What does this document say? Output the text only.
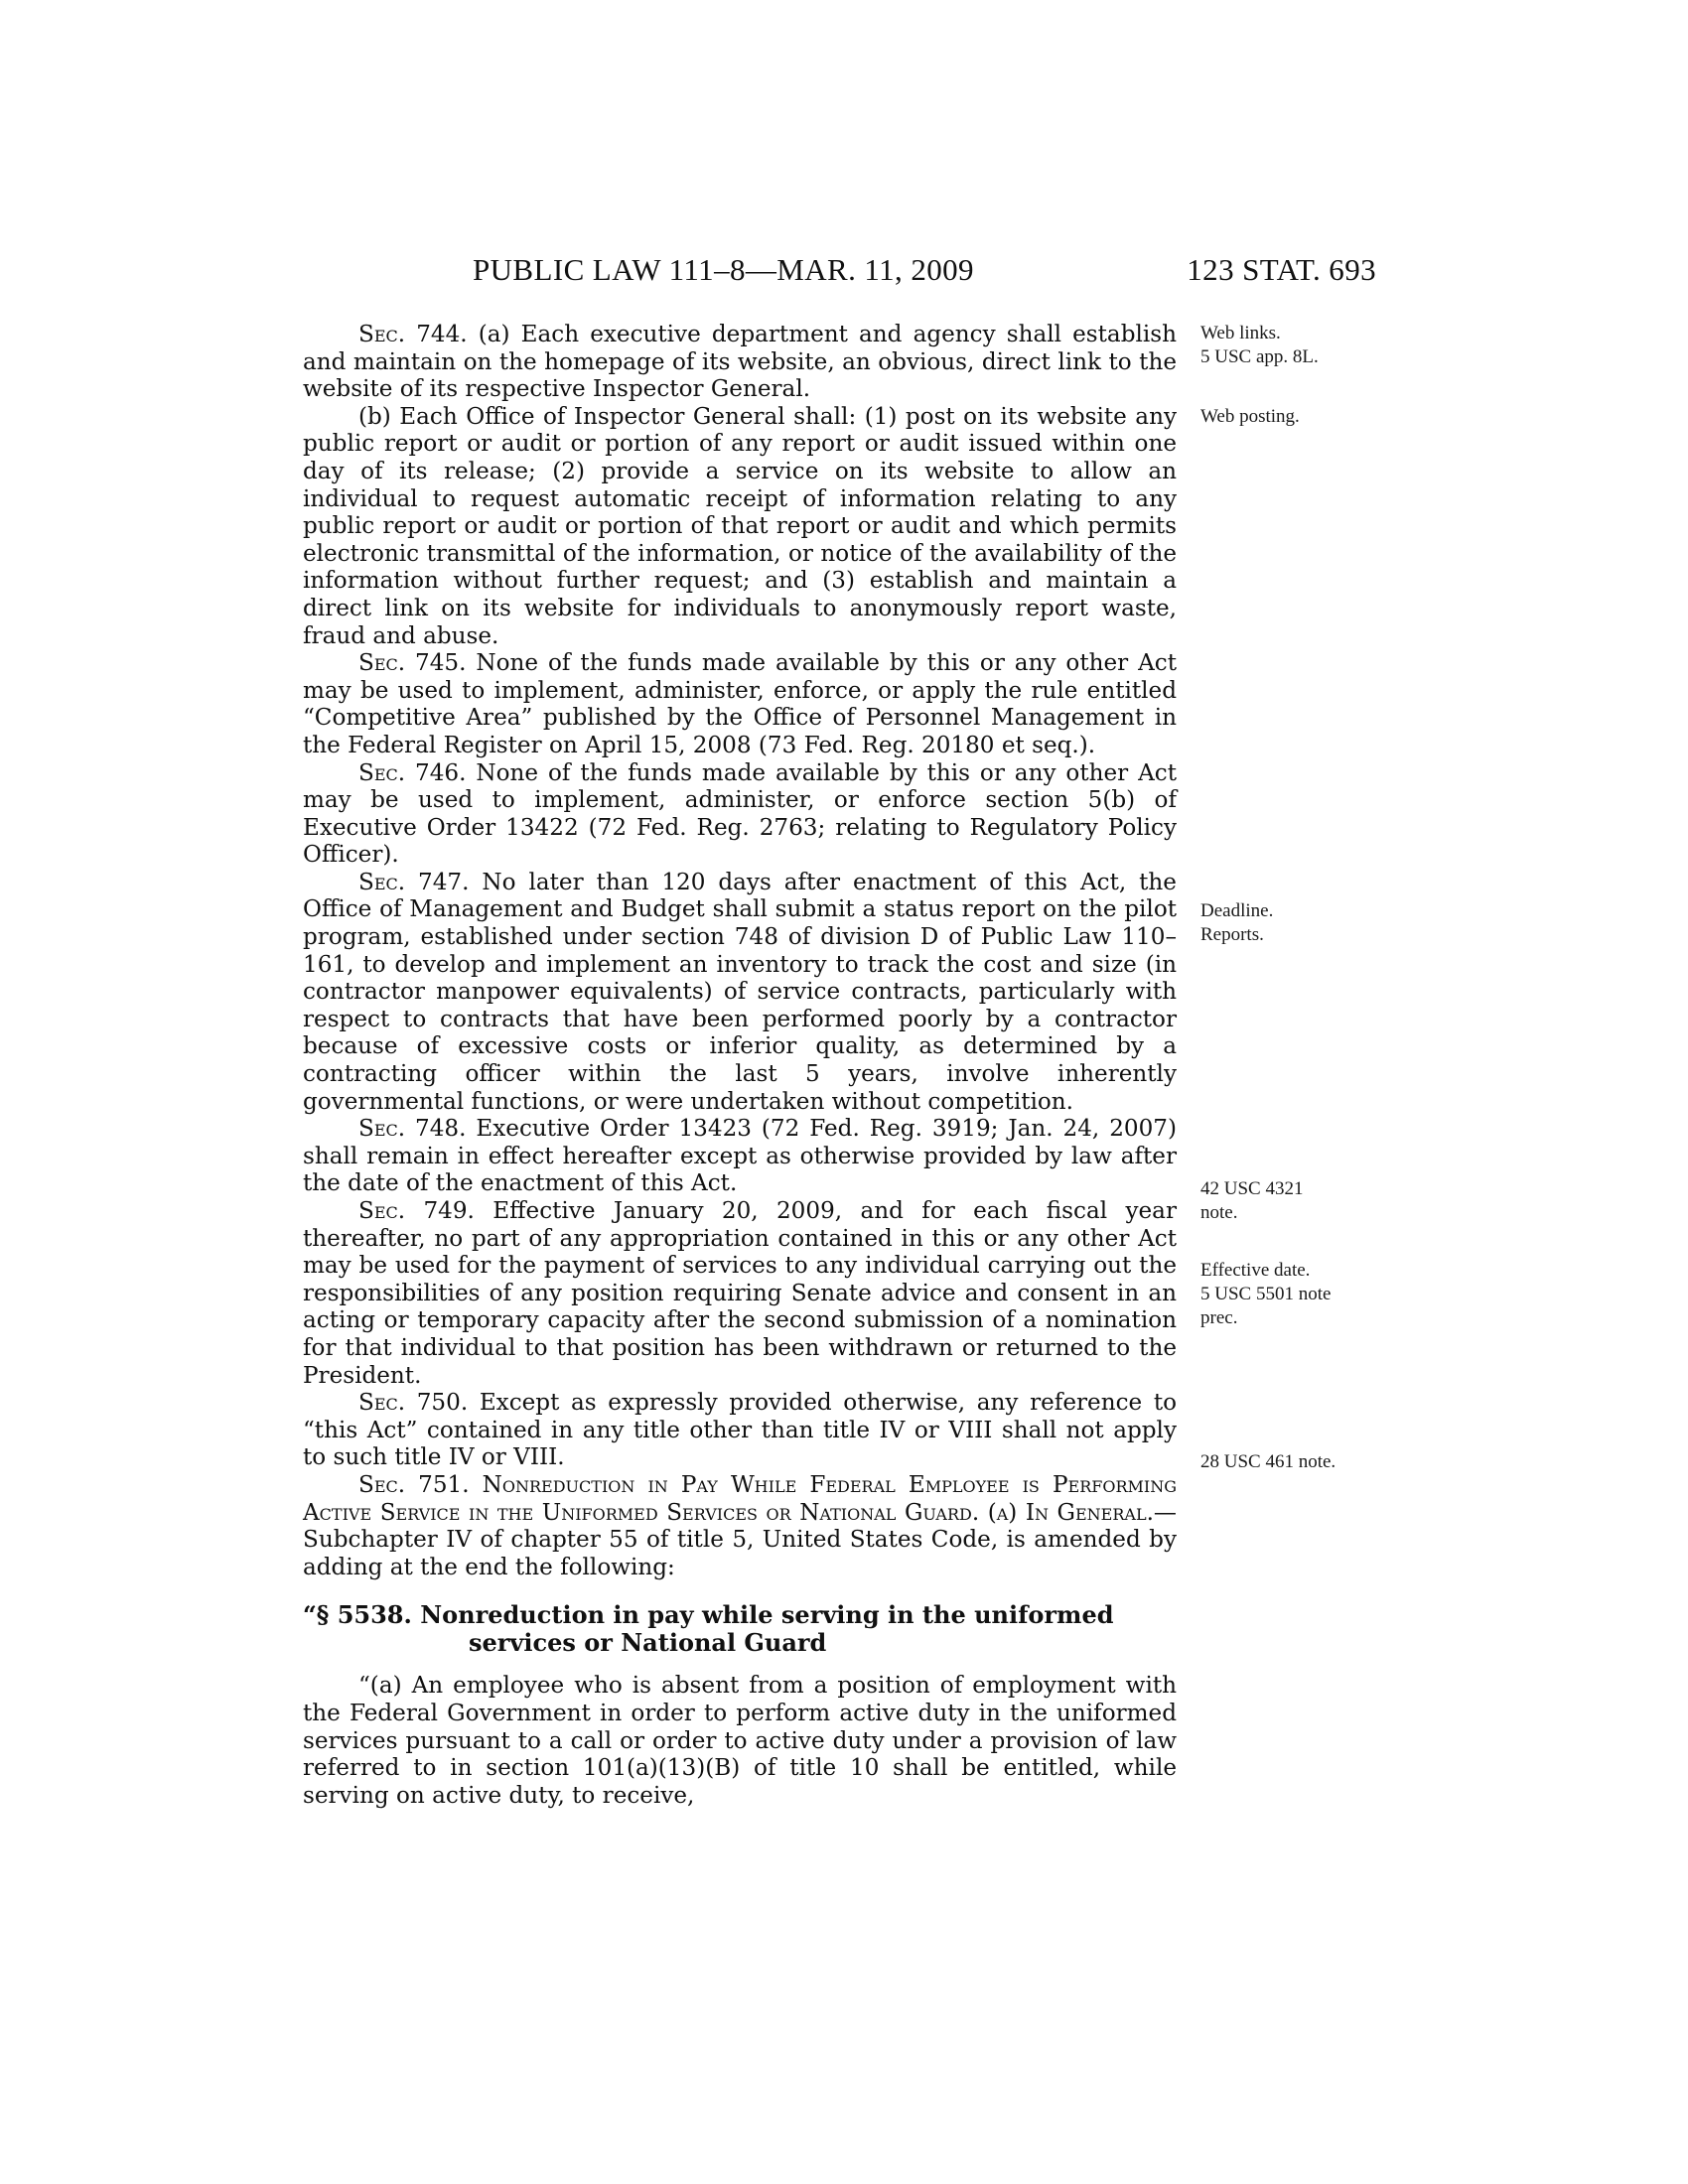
PUBLIC LAW 111–8—MAR. 11, 2009	123 STAT. 693

Sec. 744. (a) Each executive department and agency shall establish and maintain on the homepage of its website, an obvious, direct link to the website of its respective Inspector General.

(b) Each Office of Inspector General shall: (1) post on its website any public report or audit or portion of any report or audit issued within one day of its release; (2) provide a service on its website to allow an individual to request automatic receipt of information relating to any public report or audit or portion of that report or audit and which permits electronic transmittal of the information, or notice of the availability of the information without further request; and (3) establish and maintain a direct link on its website for individuals to anonymously report waste, fraud and abuse.

Sec. 745. None of the funds made available by this or any other Act may be used to implement, administer, enforce, or apply the rule entitled “Competitive Area” published by the Office of Personnel Management in the Federal Register on April 15, 2008 (73 Fed. Reg. 20180 et seq.).

Sec. 746. None of the funds made available by this or any other Act may be used to implement, administer, or enforce section 5(b) of Executive Order 13422 (72 Fed. Reg. 2763; relating to Regulatory Policy Officer).

Sec. 747. No later than 120 days after enactment of this Act, the Office of Management and Budget shall submit a status report on the pilot program, established under section 748 of division D of Public Law 110–161, to develop and implement an inventory to track the cost and size (in contractor manpower equivalents) of service contracts, particularly with respect to contracts that have been performed poorly by a contractor because of excessive costs or inferior quality, as determined by a contracting officer within the last 5 years, involve inherently governmental functions, or were undertaken without competition.

Sec. 748. Executive Order 13423 (72 Fed. Reg. 3919; Jan. 24, 2007) shall remain in effect hereafter except as otherwise provided by law after the date of the enactment of this Act.

Sec. 749. Effective January 20, 2009, and for each fiscal year thereafter, no part of any appropriation contained in this or any other Act may be used for the payment of services to any individual carrying out the responsibilities of any position requiring Senate advice and consent in an acting or temporary capacity after the second submission of a nomination for that individual to that position has been withdrawn or returned to the President.

Sec. 750. Except as expressly provided otherwise, any reference to “this Act” contained in any title other than title IV or VIII shall not apply to such title IV or VIII.

Sec. 751. Nonreduction in Pay While Federal Employee is Performing Active Service in the Uniformed Services or National Guard. (a) In General.—Subchapter IV of chapter 55 of title 5, United States Code, is amended by adding at the end the following:

“§ 5538. Nonreduction in pay while serving in the uniformed
services or National Guard

“(a) An employee who is absent from a position of employment with the Federal Government in order to perform active duty in the uniformed services pursuant to a call or order to active duty under a provision of law referred to in section 101(a)(13)(B) of title 10 shall be entitled, while serving on active duty, to receive,

Web links.
5 USC app. 8L.
Web posting.
Deadline.
Reports.
42 USC 4321
note.
Effective date.
5 USC 5501 note
prec.
28 USC 461 note.
